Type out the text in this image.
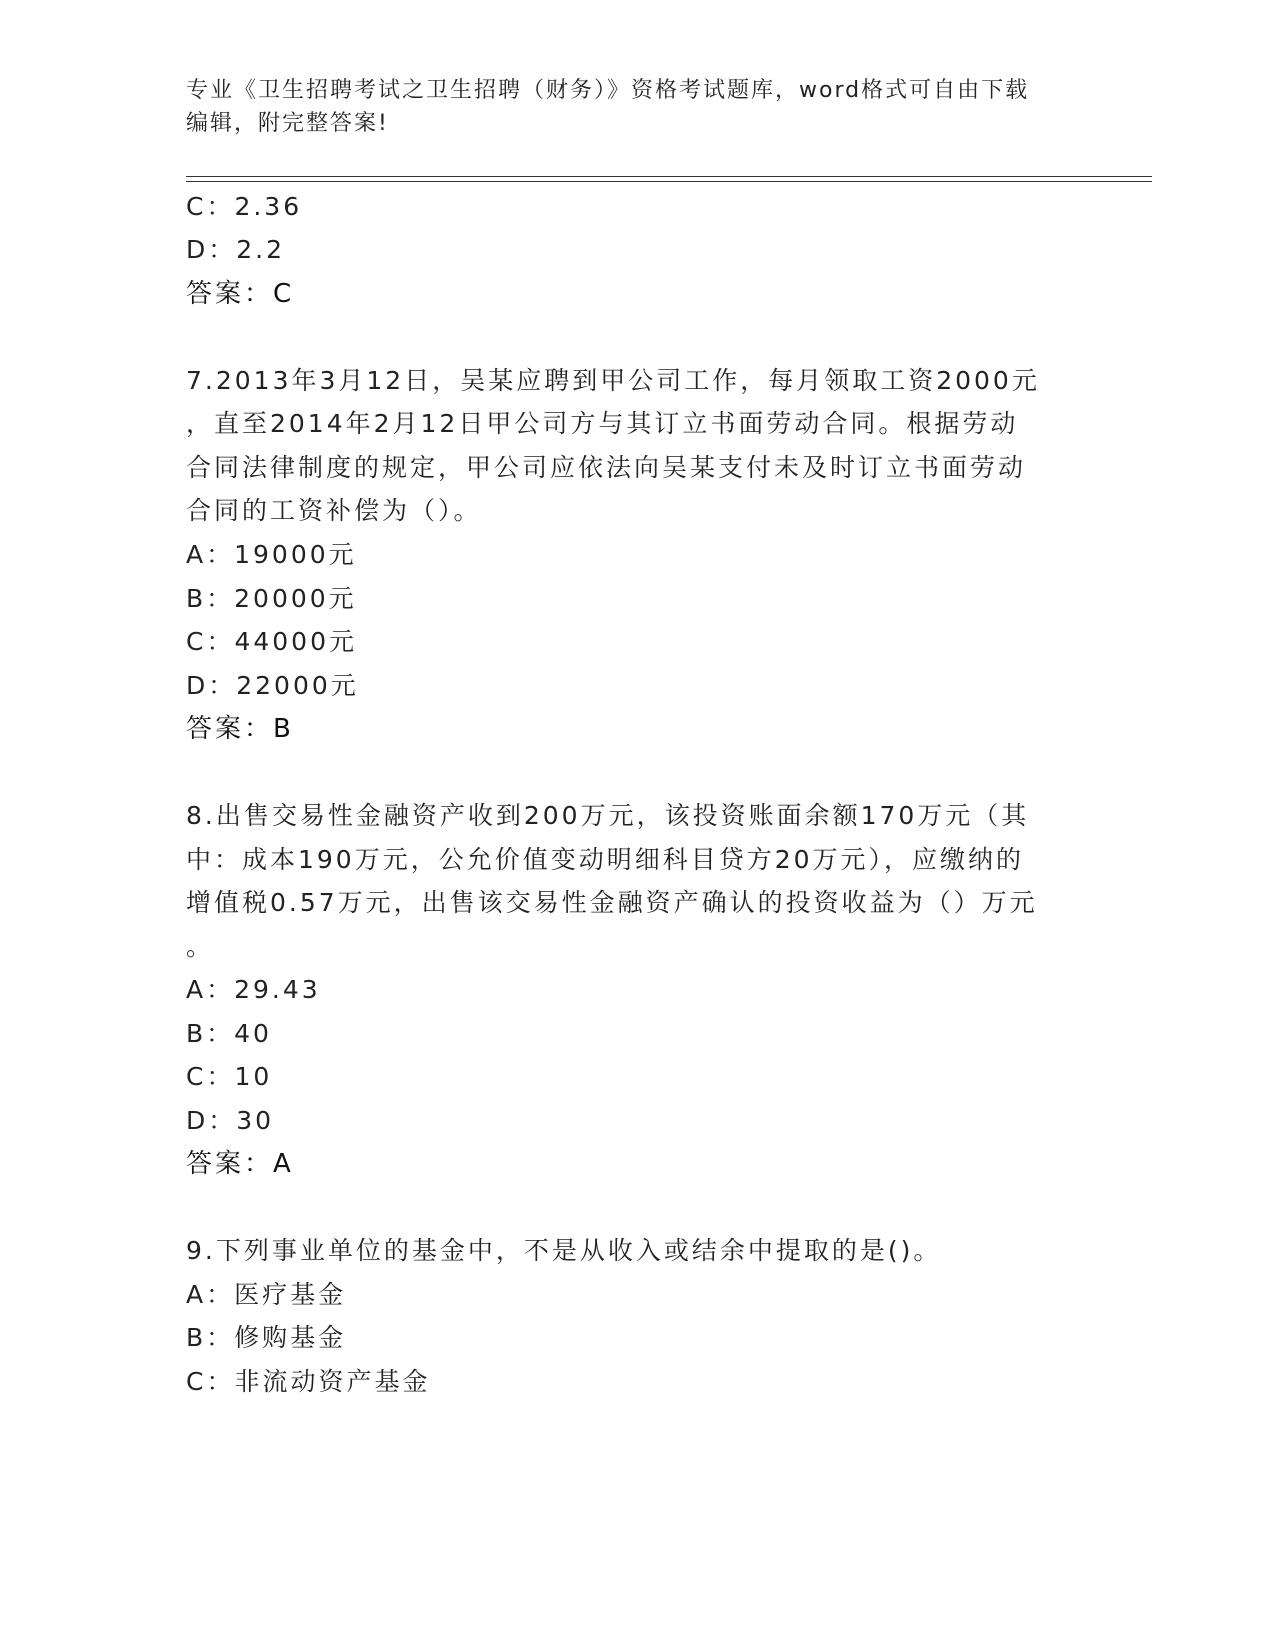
专业《卫生招聘考试之卫生招聘（财务）》资格考试题库，word格式可自由下载
编辑，附完整答案!
C：2.36
D：2.2
答案：C
7.2013年3月12日，吴某应聘到甲公司工作，每月领取工资2000元
，直至2014年2月12日甲公司方与其订立书面劳动合同。根据劳动
合同法律制度的规定，甲公司应依法向吴某支付未及时订立书面劳动
合同的工资补偿为（）。
A：19000元
B：20000元
C：44000元
D：22000元
答案：B
8.出售交易性金融资产收到200万元，该投资账面余额170万元（其
中：成本190万元，公允价值变动明细科目贷方20万元），应缴纳的
增值税0.57万元，出售该交易性金融资产确认的投资收益为（）万元
。
A：29.43
B：40
C：10
D：30
答案：A
9.下列事业单位的基金中，不是从收入或结余中提取的是()。
A：医疗基金
B：修购基金
C：非流动资产基金
